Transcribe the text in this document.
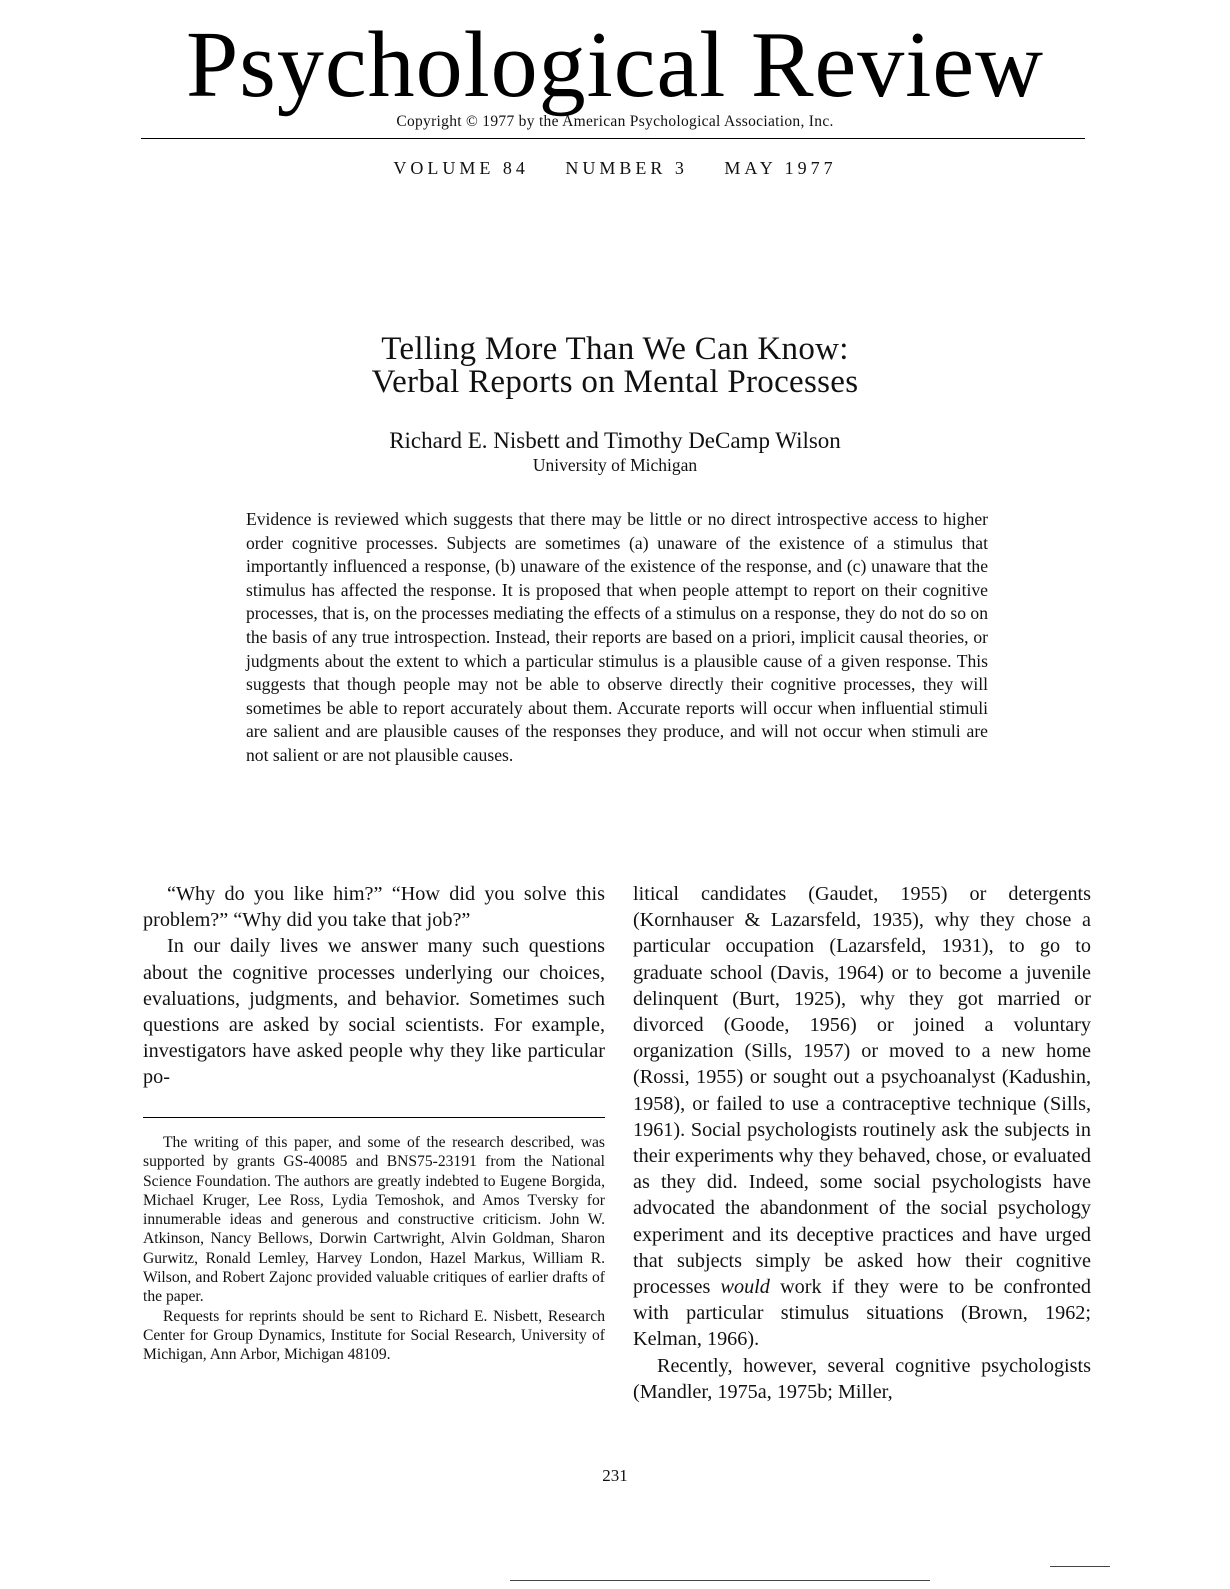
Psychological Review
Copyright © 1977 by the American Psychological Association, Inc.
VOLUME 84 NUMBER 3 MAY 1977
Telling More Than We Can Know:
Verbal Reports on Mental Processes
Richard E. Nisbett and Timothy DeCamp Wilson
University of Michigan
Evidence is reviewed which suggests that there may be little or no direct introspective access to higher order cognitive processes. Subjects are sometimes (a) unaware of the existence of a stimulus that importantly influenced a response, (b) unaware of the existence of the response, and (c) unaware that the stimulus has affected the response. It is proposed that when people attempt to report on their cognitive processes, that is, on the processes mediating the effects of a stimulus on a response, they do not do so on the basis of any true introspection. Instead, their reports are based on a priori, implicit causal theories, or judgments about the extent to which a particular stimulus is a plausible cause of a given response. This suggests that though people may not be able to observe directly their cognitive processes, they will sometimes be able to report accurately about them. Accurate reports will occur when influential stimuli are salient and are plausible causes of the responses they produce, and will not occur when stimuli are not salient or are not plausible causes.

“Why do you like him?” “How did you solve this problem?” “Why did you take that job?”

In our daily lives we answer many such questions about the cognitive processes underlying our choices, evaluations, judgments, and behavior. Sometimes such questions are asked by social scientists. For example, investigators have asked people why they like particular po-

The writing of this paper, and some of the research described, was supported by grants GS-40085 and BNS75-23191 from the National Science Foundation. The authors are greatly indebted to Eugene Borgida, Michael Kruger, Lee Ross, Lydia Temoshok, and Amos Tversky for innumerable ideas and generous and constructive criticism. John W. Atkinson, Nancy Bellows, Dorwin Cartwright, Alvin Goldman, Sharon Gurwitz, Ronald Lemley, Harvey London, Hazel Markus, William R. Wilson, and Robert Zajonc provided valuable critiques of earlier drafts of the paper.

Requests for reprints should be sent to Richard E. Nisbett, Research Center for Group Dynamics, Institute for Social Research, University of Michigan, Ann Arbor, Michigan 48109.

litical candidates (Gaudet, 1955) or detergents (Kornhauser & Lazarsfeld, 1935), why they chose a particular occupation (Lazarsfeld, 1931), to go to graduate school (Davis, 1964) or to become a juvenile delinquent (Burt, 1925), why they got married or divorced (Goode, 1956) or joined a voluntary organization (Sills, 1957) or moved to a new home (Rossi, 1955) or sought out a psychoanalyst (Kadushin, 1958), or failed to use a contraceptive technique (Sills, 1961). Social psychologists routinely ask the subjects in their experiments why they behaved, chose, or evaluated as they did. Indeed, some social psychologists have advocated the abandonment of the social psychology experiment and its deceptive practices and have urged that subjects simply be asked how their cognitive processes would work if they were to be confronted with particular stimulus situations (Brown, 1962; Kelman, 1966).

Recently, however, several cognitive psychologists (Mandler, 1975a, 1975b; Miller,

231
